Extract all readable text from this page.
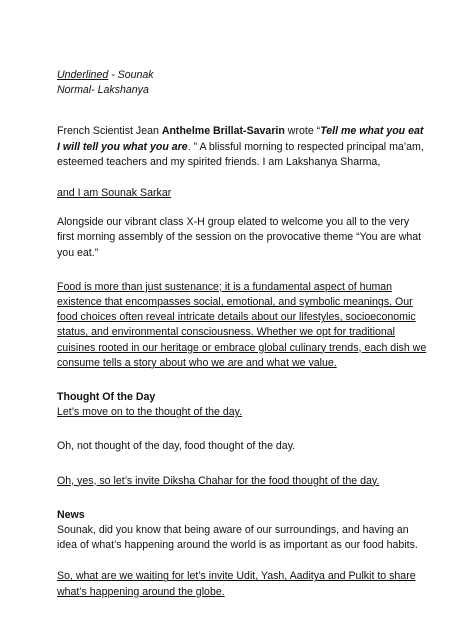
Underlined - Sounak

Normal- Lakshanya

French Scientist Jean Anthelme Brillat-Savarin wrote “Tell me what you eat I will tell you what you are. ” A blissful morning to respected principal ma’am, esteemed teachers and my spirited friends. I am Lakshanya Sharma,

and I am Sounak Sarkar

Alongside our vibrant class X-H group elated to welcome you all to the very first morning assembly of the session on the provocative theme “You are what you eat.”

Food is more than just sustenance; it is a fundamental aspect of human existence that encompasses social, emotional, and symbolic meanings. Our food choices often reveal intricate details about our lifestyles, socioeconomic status, and environmental consciousness. Whether we opt for traditional cuisines rooted in our heritage or embrace global culinary trends, each dish we consume tells a story about who we are and what we value.

Thought Of the Day

Let’s move on to the thought of the day.

Oh, not thought of the day, food thought of the day.

Oh, yes, so let’s invite Diksha Chahar for the food thought of the day.

News

Sounak, did you know that being aware of our surroundings, and having an idea of what’s happening around the world is as important as our food habits.

So, what are we waiting for let’s invite Udit, Yash, Aaditya and Pulkit to share what’s happening around the globe.
